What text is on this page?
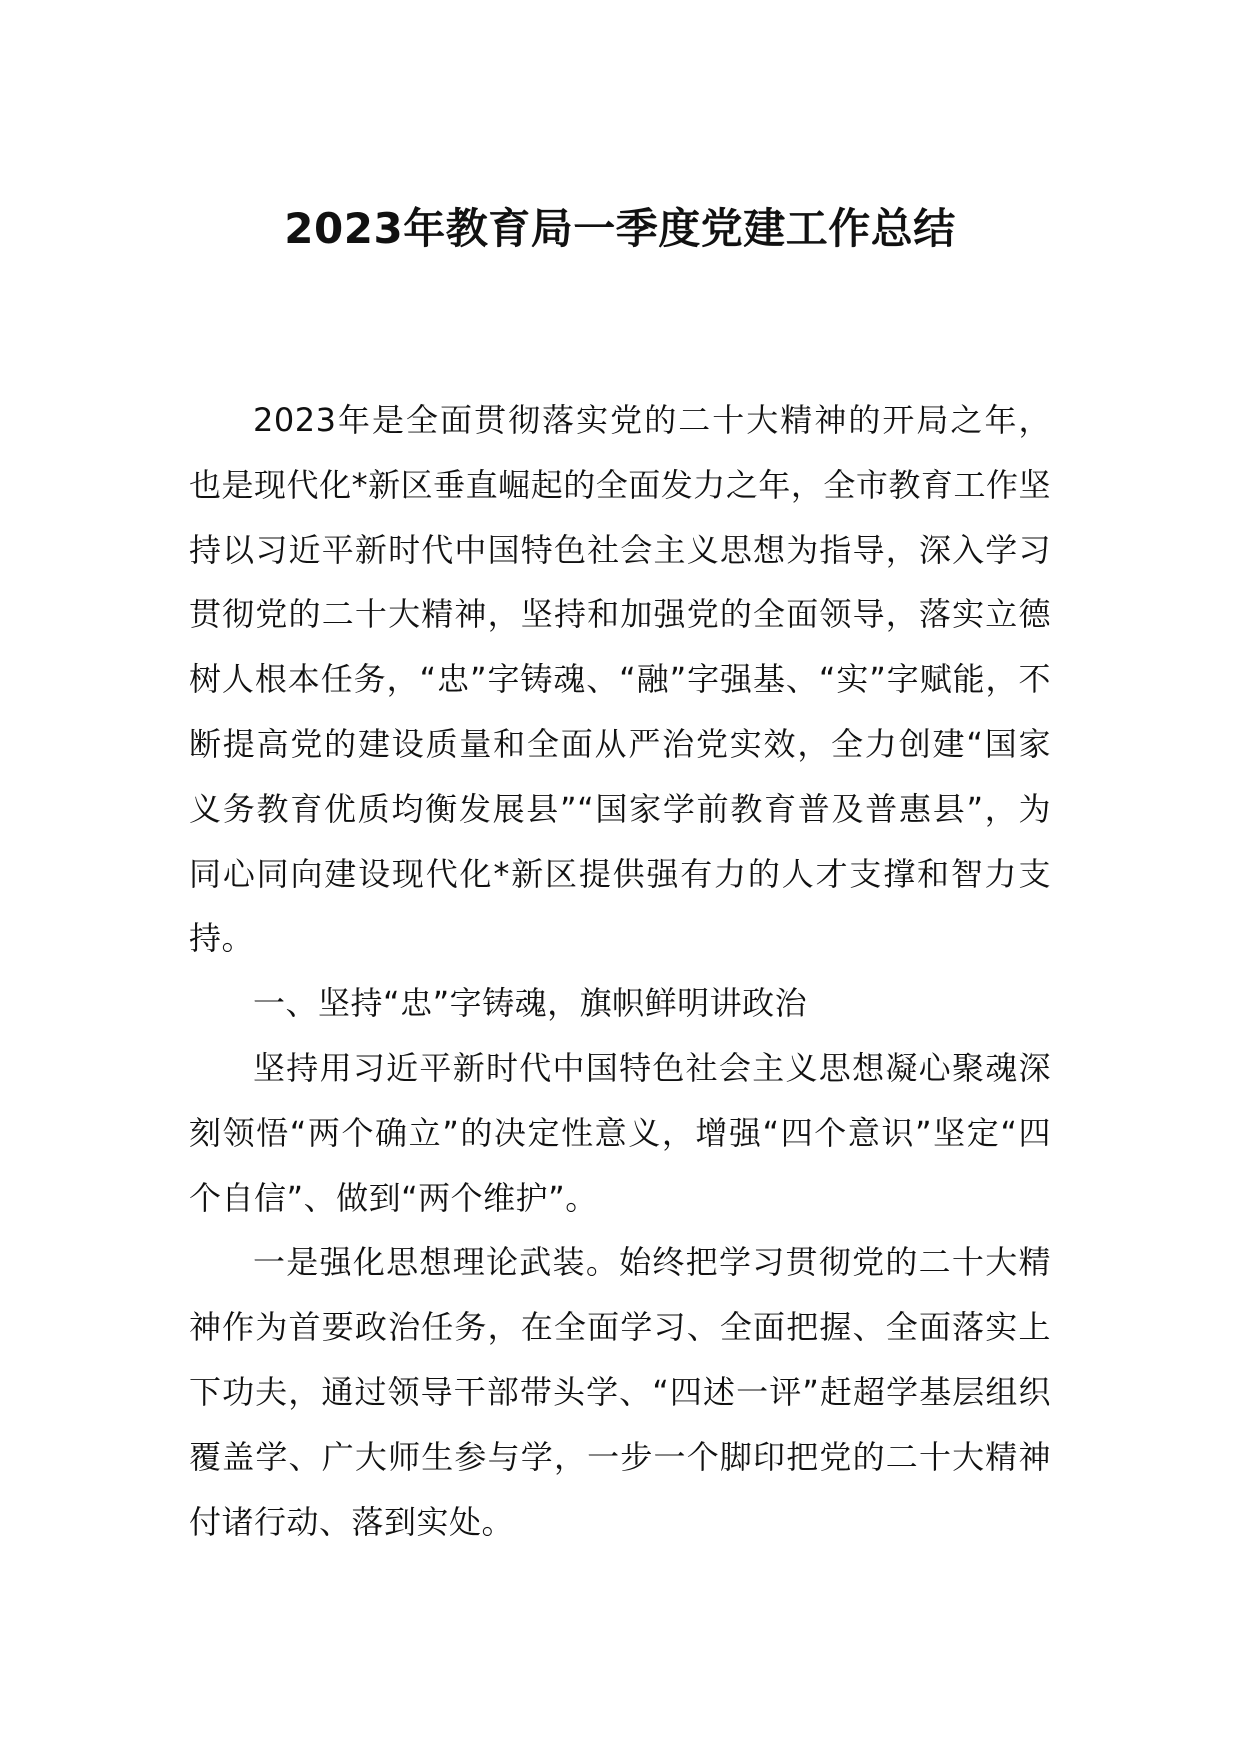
2023年教育局一季度党建工作总结

2023年是全面贯彻落实党的二十大精神的开局之年，也是现代化*新区垂直崛起的全面发力之年，全市教育工作坚持以习近平新时代中国特色社会主义思想为指导，深入学习贯彻党的二十大精神，坚持和加强党的全面领导，落实立德树人根本任务，“忠”字铸魂、“融”字强基、“实”字赋能，不断提高党的建设质量和全面从严治党实效，全力创建“国家义务教育优质均衡发展县”“国家学前教育普及普惠县”，为同心同向建设现代化*新区提供强有力的人才支撑和智力支持。

一、坚持“忠”字铸魂，旗帜鲜明讲政治

坚持用习近平新时代中国特色社会主义思想凝心聚魂深刻领悟“两个确立”的决定性意义，增强“四个意识”坚定“四个自信”、做到“两个维护”。

一是强化思想理论武装。始终把学习贯彻党的二十大精神作为首要政治任务，在全面学习、全面把握、全面落实上下功夫，通过领导干部带头学、“四述一评”赶超学基层组织覆盖学、广大师生参与学，一步一个脚印把党的二十大精神付诸行动、落到实处。
